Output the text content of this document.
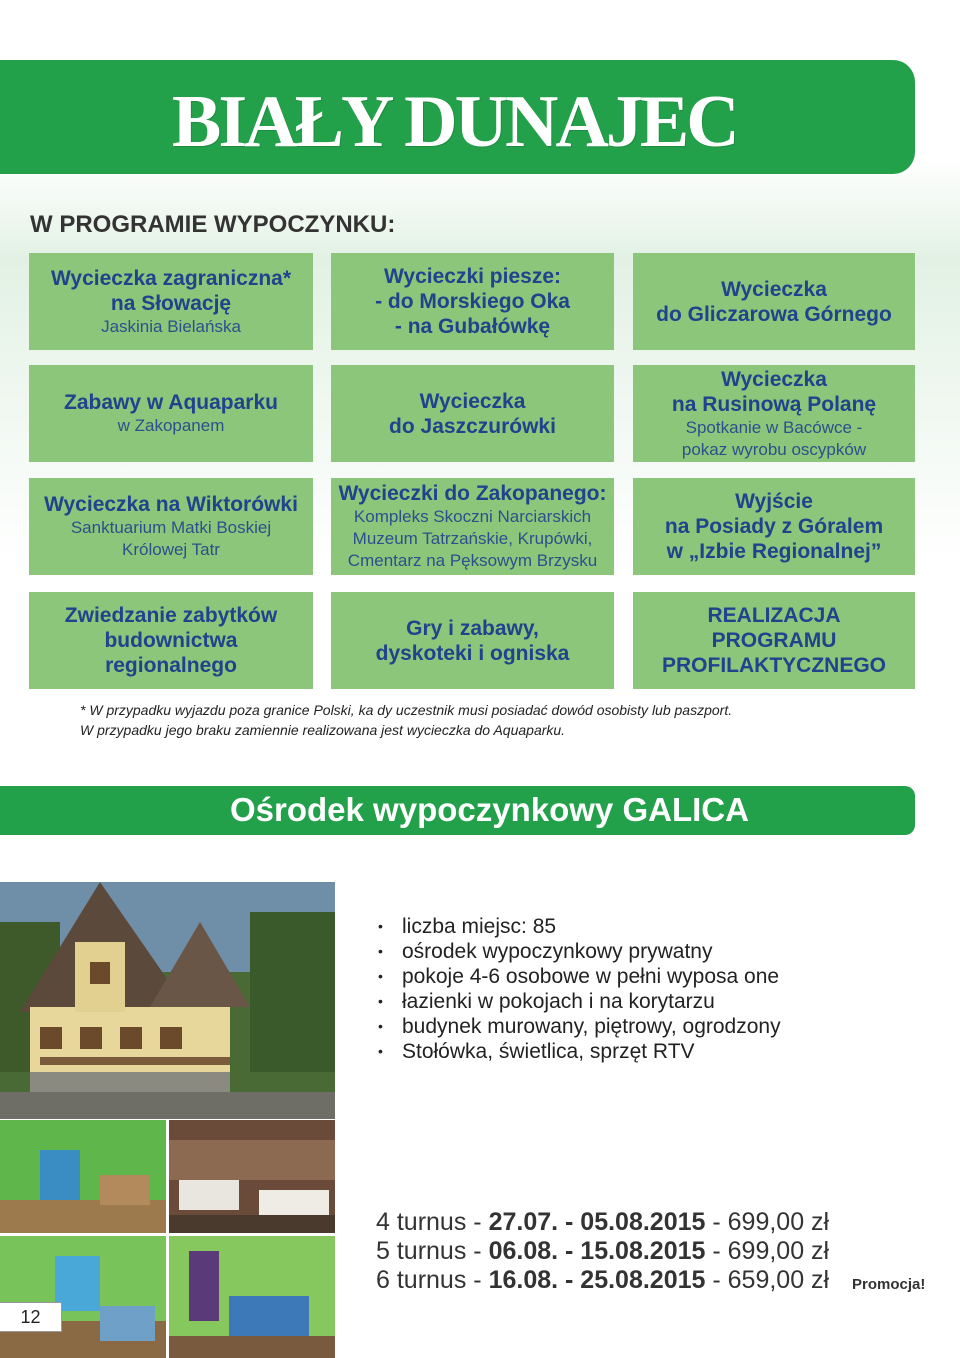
BIAŁY DUNAJEC
W PROGRAMIE WYPOCZYNKU:
Wycieczka zagraniczna*
na Słowację
Jaskinia Bielańska
Wycieczki piesze:
- do Morskiego Oka
- na Gubałówkę
Wycieczka
do Gliczarowa Górnego
Zabawy w Aquaparku
w Zakopanem
Wycieczka
do Jaszczurówki
Wycieczka
na Rusinową Polanę
Spotkanie w Bacówce -
pokaz wyrobu oscypków
Wycieczka na Wiktorówki
Sanktuarium Matki Boskiej
Królowej Tatr
Wycieczki do Zakopanego:
Kompleks Skoczni Narciarskich
Muzeum Tatrzańskie, Krupówki,
Cmentarz na Pęksowym Brzysku
Wyjście
na Posiady z Góralem
w „Izbie Regionalnej”
Zwiedzanie zabytków
budownictwa
regionalnego
Gry i zabawy,
dyskoteki i ogniska
REALIZACJA
PROGRAMU
PROFILAKTYCZNEGO
* W przypadku wyjazdu poza granice Polski, ka dy uczestnik musi posiadać dowód osobisty lub paszport.
W przypadku jego braku zamiennie realizowana jest wycieczka do Aquaparku.
Ośrodek wypoczynkowy GALICA
• liczba miejsc: 85
• ośrodek wypoczynkowy prywatny
• pokoje 4-6 osobowe w pełni wyposa one
• łazienki w pokojach i na korytarzu
• budynek murowany, piętrowy, ogrodzony
• Stołówka, świetlica, sprzęt RTV
4 turnus - 27.07. - 05.08.2015 - 699,00 zł
5 turnus - 06.08. - 15.08.2015 - 699,00 zł
6 turnus - 16.08. - 25.08.2015 - 659,00 zł Promocja!
12
